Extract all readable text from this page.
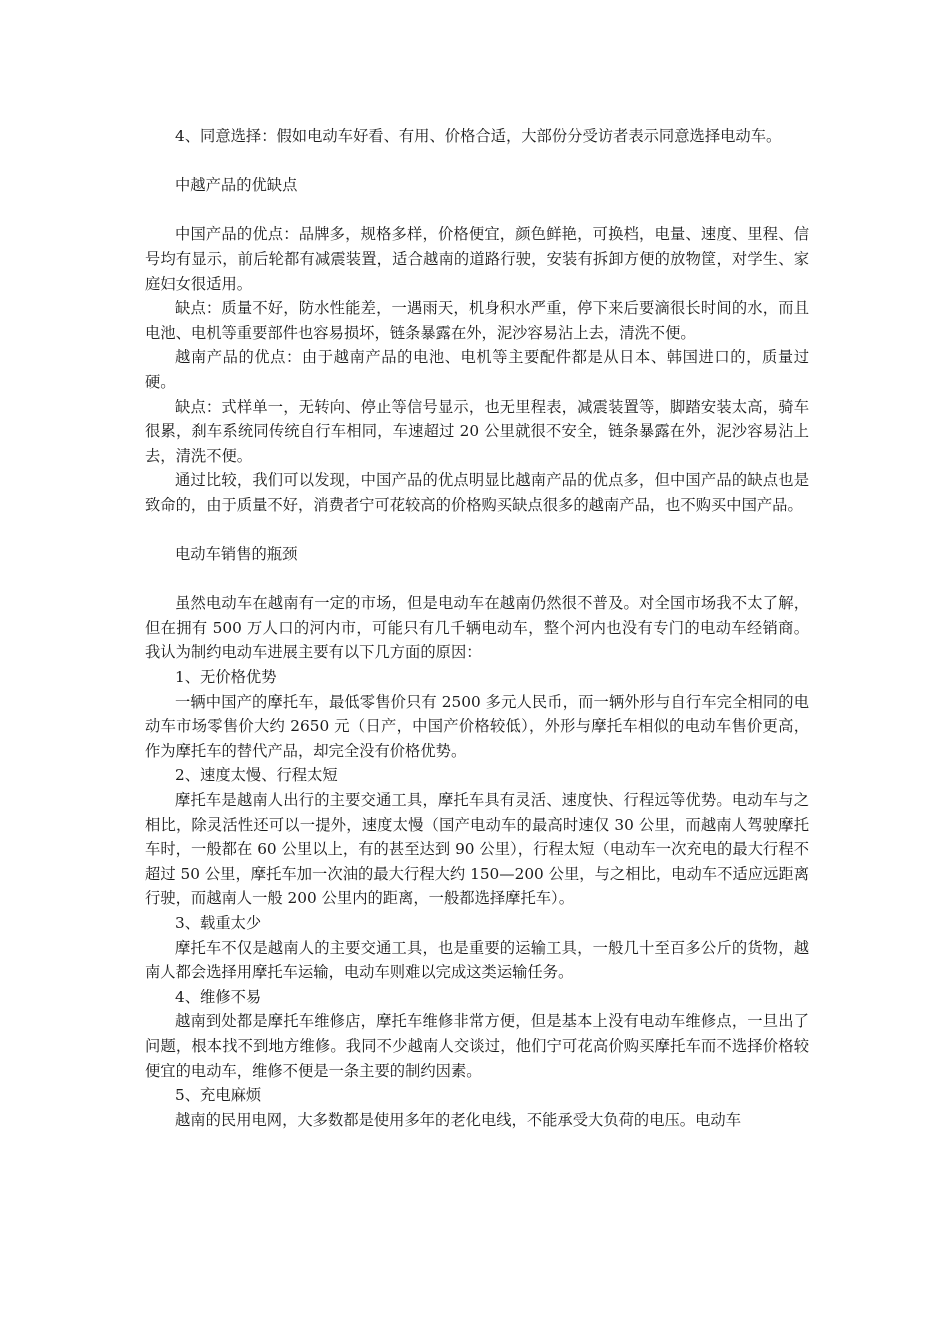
4、同意选择：假如电动车好看、有用、价格合适，大部份分受访者表示同意选择电动车。

中越产品的优缺点

中国产品的优点：品牌多，规格多样，价格便宜，颜色鲜艳，可换档，电量、速度、里程、信号均有显示，前后轮都有减震装置，适合越南的道路行驶，安装有拆卸方便的放物筐，对学生、家庭妇女很适用。

缺点：质量不好，防水性能差，一遇雨天，机身积水严重，停下来后要滴很长时间的水，而且电池、电机等重要部件也容易损坏，链条暴露在外，泥沙容易沾上去，清洗不便。

越南产品的优点：由于越南产品的电池、电机等主要配件都是从日本、韩国进口的，质量过硬。

缺点：式样单一，无转向、停止等信号显示，也无里程表，减震装置等，脚踏安装太高，骑车很累，刹车系统同传统自行车相同，车速超过 20 公里就很不安全，链条暴露在外，泥沙容易沾上去，清洗不便。

通过比较，我们可以发现，中国产品的优点明显比越南产品的优点多，但中国产品的缺点也是致命的，由于质量不好，消费者宁可花较高的价格购买缺点很多的越南产品，也不购买中国产品。

电动车销售的瓶颈

虽然电动车在越南有一定的市场，但是电动车在越南仍然很不普及。对全国市场我不太了解，但在拥有 500 万人口的河内市，可能只有几千辆电动车，整个河内也没有专门的电动车经销商。我认为制约电动车进展主要有以下几方面的原因：

1、无价格优势

一辆中国产的摩托车，最低零售价只有 2500 多元人民币，而一辆外形与自行车完全相同的电动车市场零售价大约 2650 元（日产，中国产价格较低），外形与摩托车相似的电动车售价更高，作为摩托车的替代产品，却完全没有价格优势。

2、速度太慢、行程太短

摩托车是越南人出行的主要交通工具，摩托车具有灵活、速度快、行程远等优势。电动车与之相比，除灵活性还可以一提外，速度太慢（国产电动车的最高时速仅 30 公里，而越南人驾驶摩托车时，一般都在 60 公里以上，有的甚至达到 90 公里），行程太短（电动车一次充电的最大行程不超过 50 公里，摩托车加一次油的最大行程大约 150—200 公里，与之相比，电动车不适应远距离行驶，而越南人一般 200 公里内的距离，一般都选择摩托车）。

3、载重太少

摩托车不仅是越南人的主要交通工具，也是重要的运输工具，一般几十至百多公斤的货物，越南人都会选择用摩托车运输，电动车则难以完成这类运输任务。

4、维修不易

越南到处都是摩托车维修店，摩托车维修非常方便，但是基本上没有电动车维修点，一旦出了问题，根本找不到地方维修。我同不少越南人交谈过，他们宁可花高价购买摩托车而不选择价格较便宜的电动车，维修不便是一条主要的制约因素。

5、充电麻烦

越南的民用电网，大多数都是使用多年的老化电线，不能承受大负荷的电压。电动车
